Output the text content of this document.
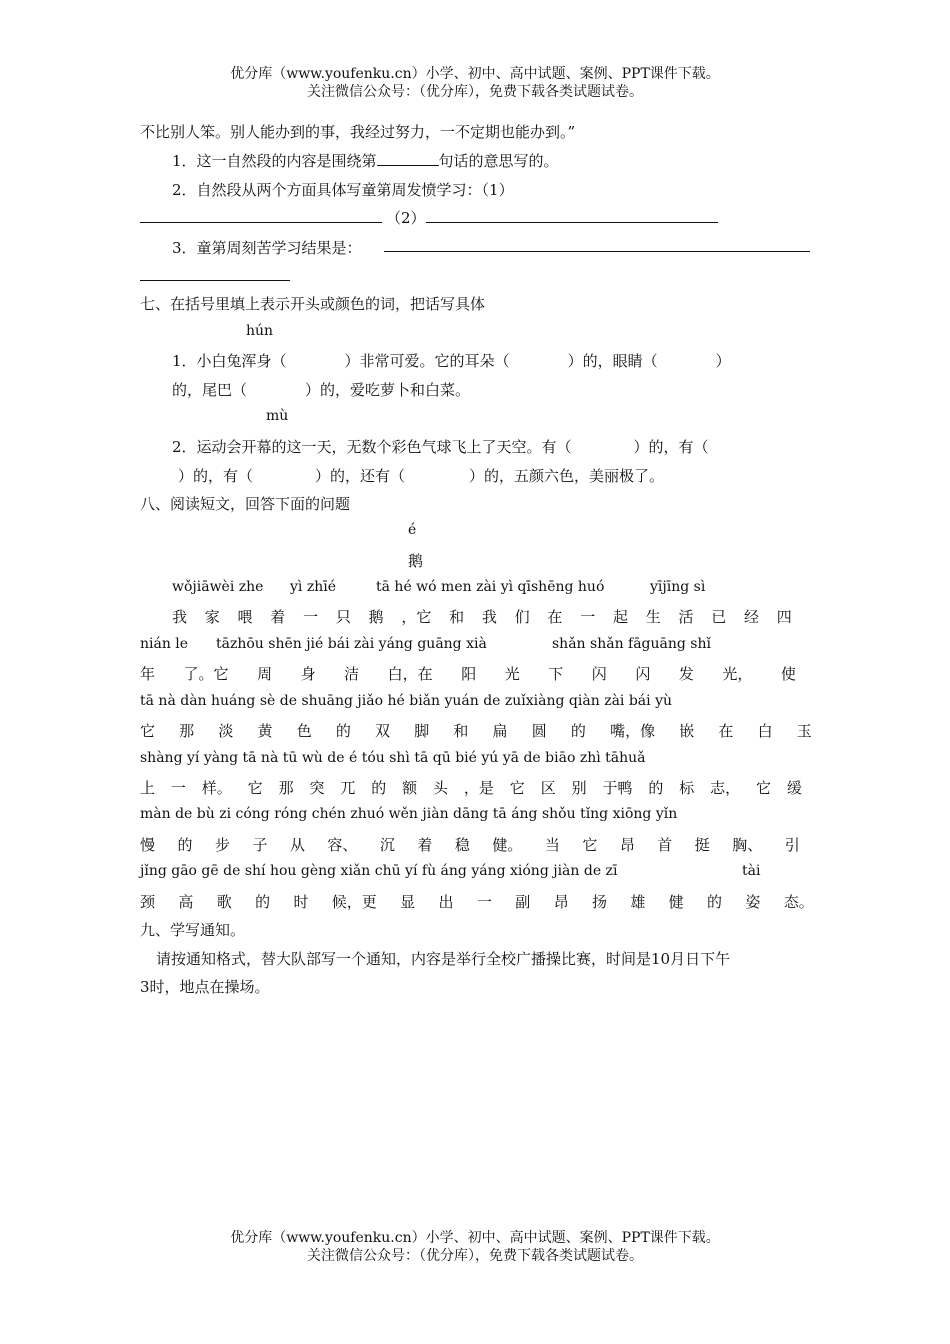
优分库（www.youfenku.cn）小学、初中、高中试题、案例、PPT课件下载。
关注微信公众号：（优分库），免费下载各类试题试卷。
不比别人笨。别人能办到的事，我经过努力，一不定期也能办到。”
1．这一自然段的内容是围绕第	句话的意思写的。
2．自然段从两个方面具体写童第周发愤学习：（1）
（2）
3．童第周刻苦学习结果是：
七、在括号里填上表示开头或颜色的词，把话写具体
hún
1．小白兔浑身（	）非常可爱。它的耳朵（	）的，眼睛（	）
的，尾巴（	）的，爱吃萝卜和白菜。
mù
2．运动会开幕的这一天，无数个彩色气球飞上了天空。有（	）的，有（
）的，有（	）的，还有（	）的，五颜六色，美丽极了。
八、阅读短文，回答下面的问题
é
鹅
wǒjiāwèi zhe yì zhīé	tā hé wó men zài yì qīshēng huó	yījīng sì
我 家 喂 着 一 只 鹅 ，它 和 我 们 在 一 起 生 活 已 经 四
nián le tāzhōu shēn jié bái zài yáng guāng xià	shǎn shǎn fāguāng shǐ
年 了。它 周 身 洁 白，在 阳 光 下 闪 闪 发 光， 使
tā nà dàn huáng sè de shuāng jiǎo hé biǎn yuán de zuǐxiàng qiàn zài bái yù
它 那 淡 黄 色 的 双 脚 和 扁 圆 的 嘴，像 嵌 在 白 玉
shàng yí yàng tā nà tū wù de é tóu shì tā qū bié yú yā de biāo zhì tāhuǎ
上 一 样。 它 那 突 兀 的 额 头 ，是 它 区 别 于鸭 的 标 志， 它 缓
màn de bù zi cóng róng chén zhuó wěn jiàn dāng tā áng shǒu tǐng xiōng yǐn
慢 的 步 子 从 容、 沉 着 稳 健。 当 它 昂 首 挺 胸、 引
jǐng gāo gē de shí hou gèng xiǎn chū yí fù áng yáng xióng jiàn de zī	tài
颈 高 歌 的 时 候，更 显 出 一 副 昂 扬 雄 健 的 姿 态。
九、学写通知。
请按通知格式，替大队部写一个通知，内容是举行全校广播操比赛，时间是10月日下午
3时，地点在操场。
优分库（www.youfenku.cn）小学、初中、高中试题、案例、PPT课件下载。
关注微信公众号：（优分库），免费下载各类试题试卷。
